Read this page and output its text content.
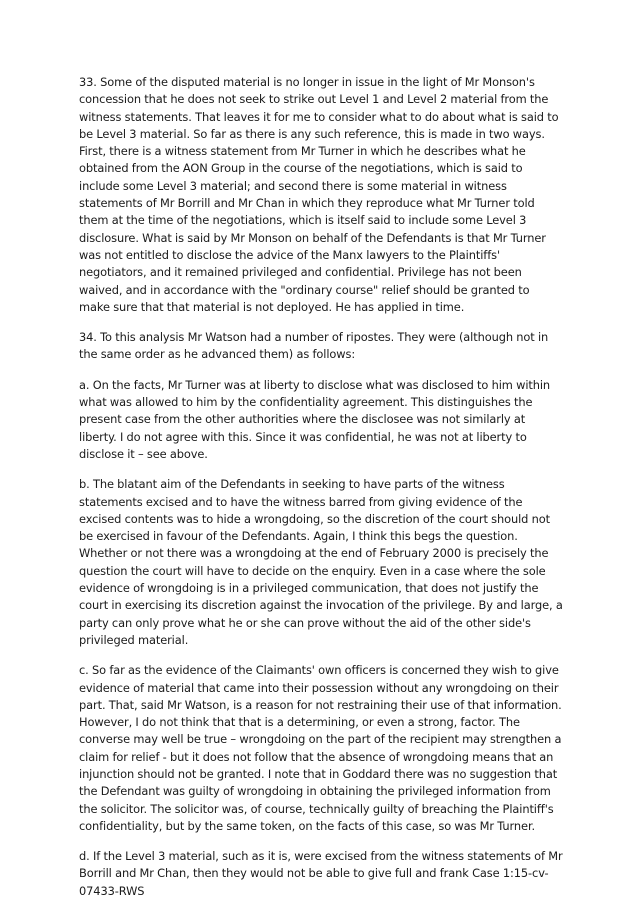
33. Some of the disputed material is no longer in issue in the light of Mr Monson's concession that he does not seek to strike out Level 1 and Level 2 material from the witness statements. That leaves it for me to consider what to do about what is said to be Level 3 material. So far as there is any such reference, this is made in two ways. First, there is a witness statement from Mr Turner in which he describes what he obtained from the AON Group in the course of the negotiations, which is said to include some Level 3 material; and second there is some material in witness statements of Mr Borrill and Mr Chan in which they reproduce what Mr Turner told them at the time of the negotiations, which is itself said to include some Level 3 disclosure. What is said by Mr Monson on behalf of the Defendants is that Mr Turner was not entitled to disclose the advice of the Manx lawyers to the Plaintiffs' negotiators, and it remained privileged and confidential. Privilege has not been waived, and in accordance with the "ordinary course" relief should be granted to make sure that that material is not deployed. He has applied in time.

34. To this analysis Mr Watson had a number of ripostes. They were (although not in the same order as he advanced them) as follows:

a. On the facts, Mr Turner was at liberty to disclose what was disclosed to him within what was allowed to him by the confidentiality agreement. This distinguishes the present case from the other authorities where the disclosee was not similarly at liberty. I do not agree with this. Since it was confidential, he was not at liberty to disclose it – see above.

b. The blatant aim of the Defendants in seeking to have parts of the witness statements excised and to have the witness barred from giving evidence of the excised contents was to hide a wrongdoing, so the discretion of the court should not be exercised in favour of the Defendants. Again, I think this begs the question. Whether or not there was a wrongdoing at the end of February 2000 is precisely the question the court will have to decide on the enquiry. Even in a case where the sole evidence of wrongdoing is in a privileged communication, that does not justify the court in exercising its discretion against the invocation of the privilege. By and large, a party can only prove what he or she can prove without the aid of the other side's privileged material.

c. So far as the evidence of the Claimants' own officers is concerned they wish to give evidence of material that came into their possession without any wrongdoing on their part. That, said Mr Watson, is a reason for not restraining their use of that information. However, I do not think that that is a determining, or even a strong, factor. The converse may well be true – wrongdoing on the part of the recipient may strengthen a claim for relief - but it does not follow that the absence of wrongdoing means that an injunction should not be granted. I note that in Goddard there was no suggestion that the Defendant was guilty of wrongdoing in obtaining the privileged information from the solicitor. The solicitor was, of course, technically guilty of breaching the Plaintiff's confidentiality, but by the same token, on the facts of this case, so was Mr Turner.

d. If the Level 3 material, such as it is, were excised from the witness statements of Mr Borrill and Mr Chan, then they would not be able to give full and frank Case 1:15-cv-07433-RWS
